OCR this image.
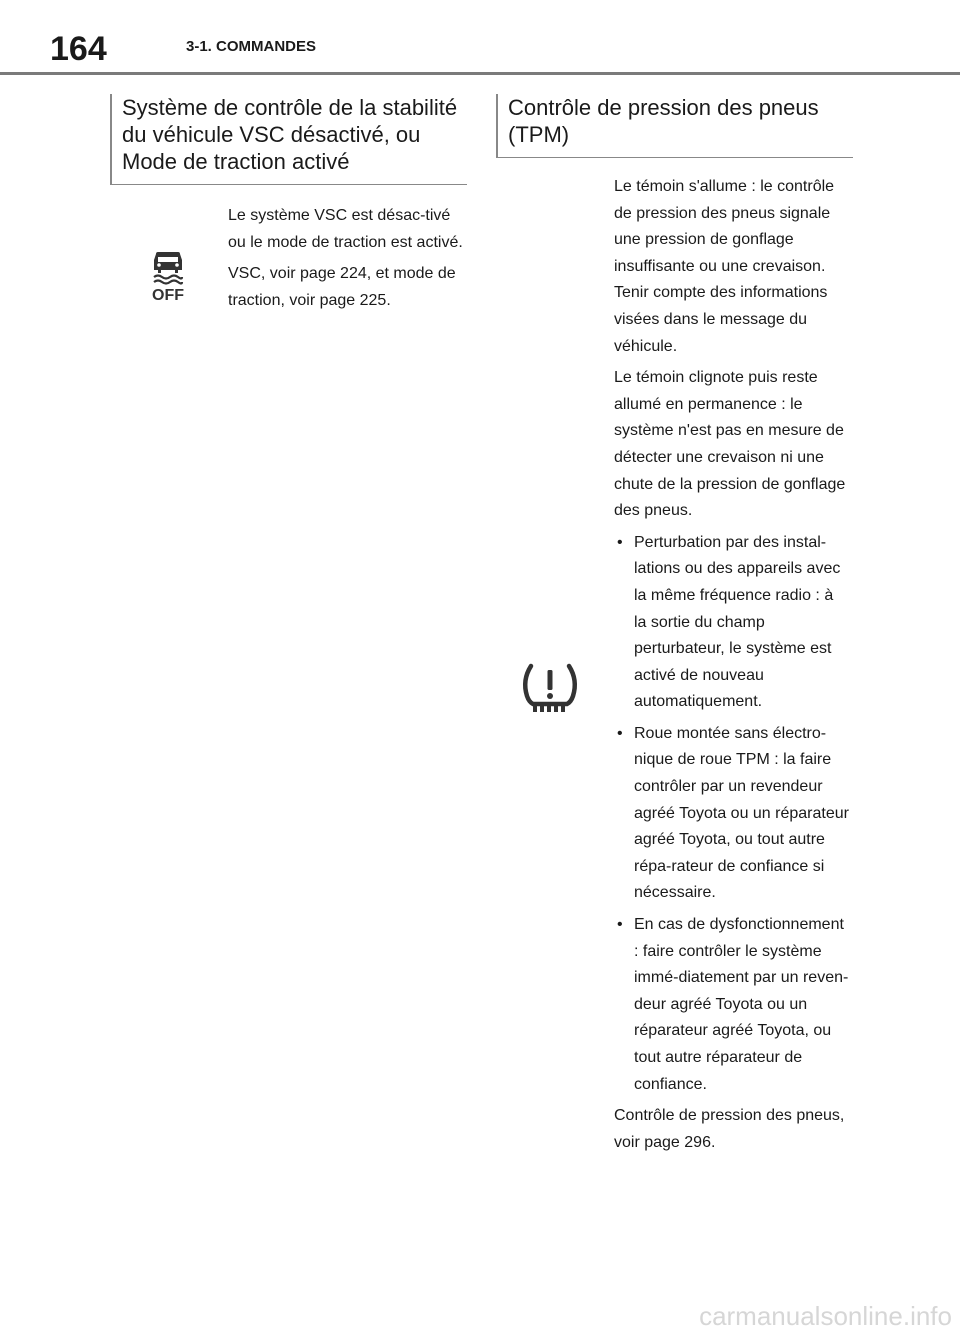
164	3-1. COMMANDES
Système de contrôle de la stabilité du véhicule VSC désactivé, ou Mode de traction activé
OFF

Le système VSC est désac-tivé ou le mode de traction est activé.

VSC, voir page 224, et mode de traction, voir page 225.

Contrôle de pression des pneus (TPM)

Le témoin s'allume : le contrôle de pression des pneus signale une pression de gonflage insuffisante ou une crevaison. Tenir compte des informations visées dans le message du véhicule.

Le témoin clignote puis reste allumé en permanence : le système n'est pas en mesure de détecter une crevaison ni une chute de la pression de gonflage des pneus.

• Perturbation par des instal-lations ou des appareils avec la même fréquence radio : à la sortie du champ perturbateur, le système est activé de nouveau automatiquement.
• Roue montée sans électro-nique de roue TPM : la faire contrôler par un revendeur agréé Toyota ou un réparateur agréé Toyota, ou tout autre répa-rateur de confiance si nécessaire.
• En cas de dysfonctionnement : faire contrôler le système immé-diatement par un reven-deur agréé Toyota ou un réparateur agréé Toyota, ou tout autre réparateur de confiance.

Contrôle de pression des pneus, voir page 296.

carmanualsonline.info
